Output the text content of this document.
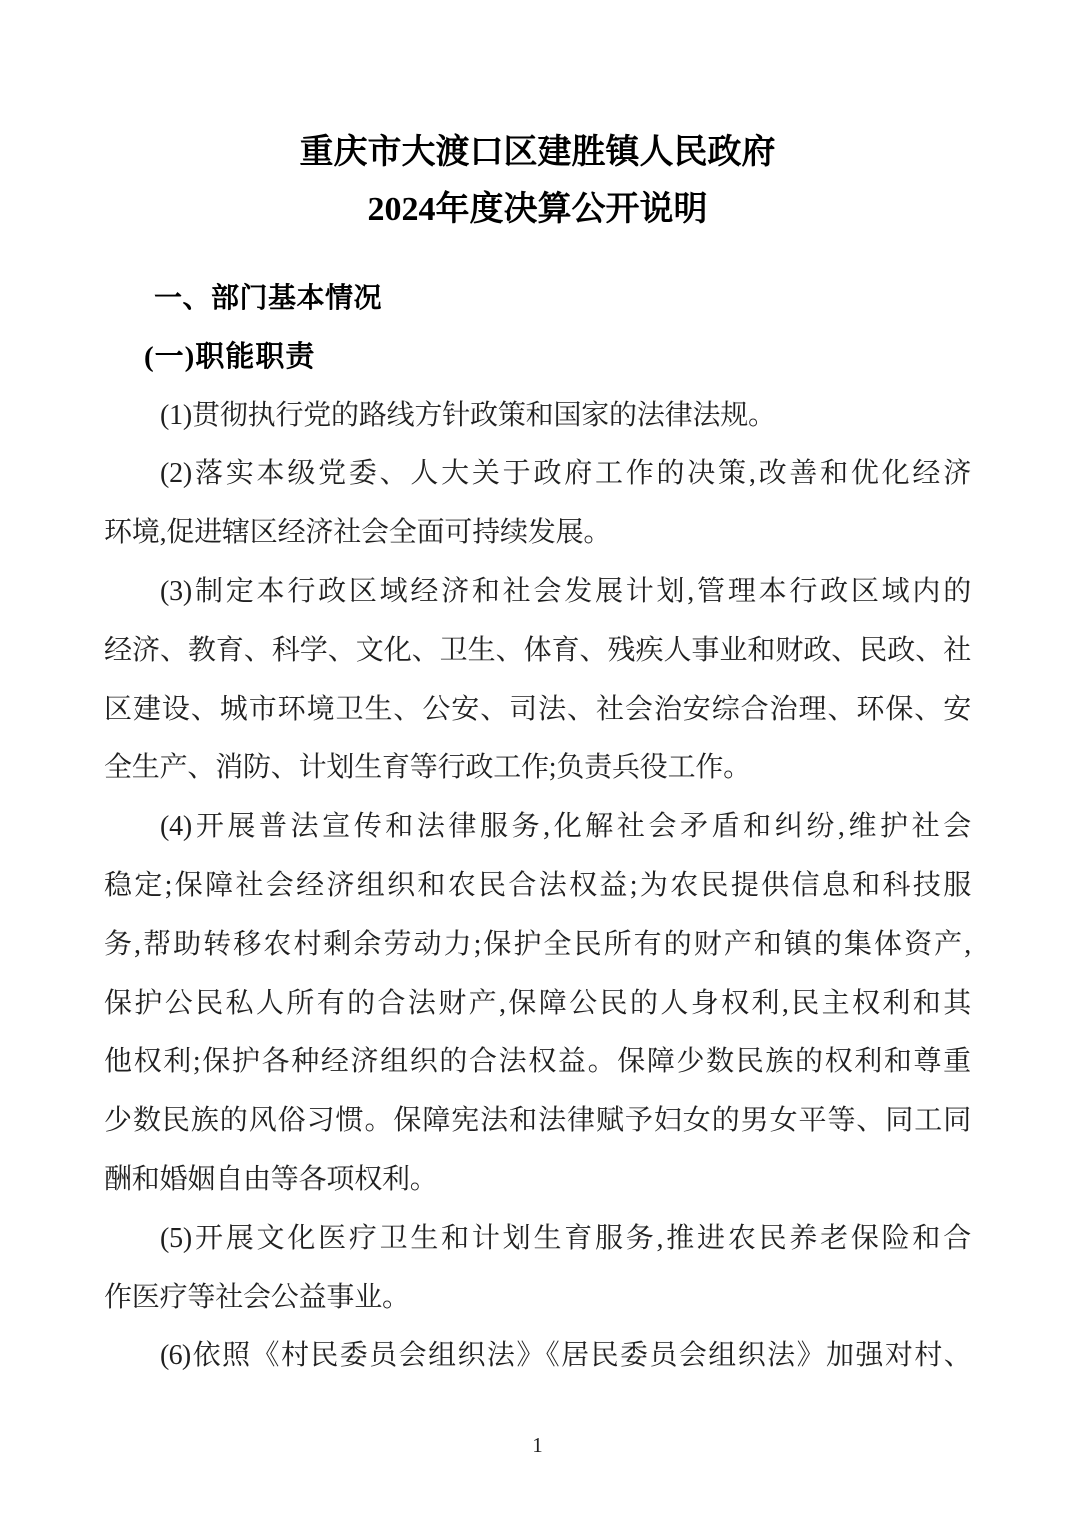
重庆市大渡口区建胜镇人民政府
2024年度决算公开说明
一、部门基本情况
(一)职能职责
(1)贯彻执行党的路线方针政策和国家的法律法规。
(2)落实本级党委、人大关于政府工作的决策,改善和优化经济
环境,促进辖区经济社会全面可持续发展。
(3)制定本行政区域经济和社会发展计划,管理本行政区域内的
经济、教育、科学、文化、卫生、体育、残疾人事业和财政、民政、社
区建设、城市环境卫生、公安、司法、社会治安综合治理、环保、安
全生产、消防、计划生育等行政工作;负责兵役工作。
(4)开展普法宣传和法律服务,化解社会矛盾和纠纷,维护社会
稳定;保障社会经济组织和农民合法权益;为农民提供信息和科技服
务,帮助转移农村剩余劳动力;保护全民所有的财产和镇的集体资产,
保护公民私人所有的合法财产,保障公民的人身权利,民主权利和其
他权利;保护各种经济组织的合法权益。保障少数民族的权利和尊重
少数民族的风俗习惯。保障宪法和法律赋予妇女的男女平等、同工同
酬和婚姻自由等各项权利。
(5)开展文化医疗卫生和计划生育服务,推进农民养老保险和合
作医疗等社会公益事业。
(6)依照《村民委员会组织法》《居民委员会组织法》加强对村、
1
